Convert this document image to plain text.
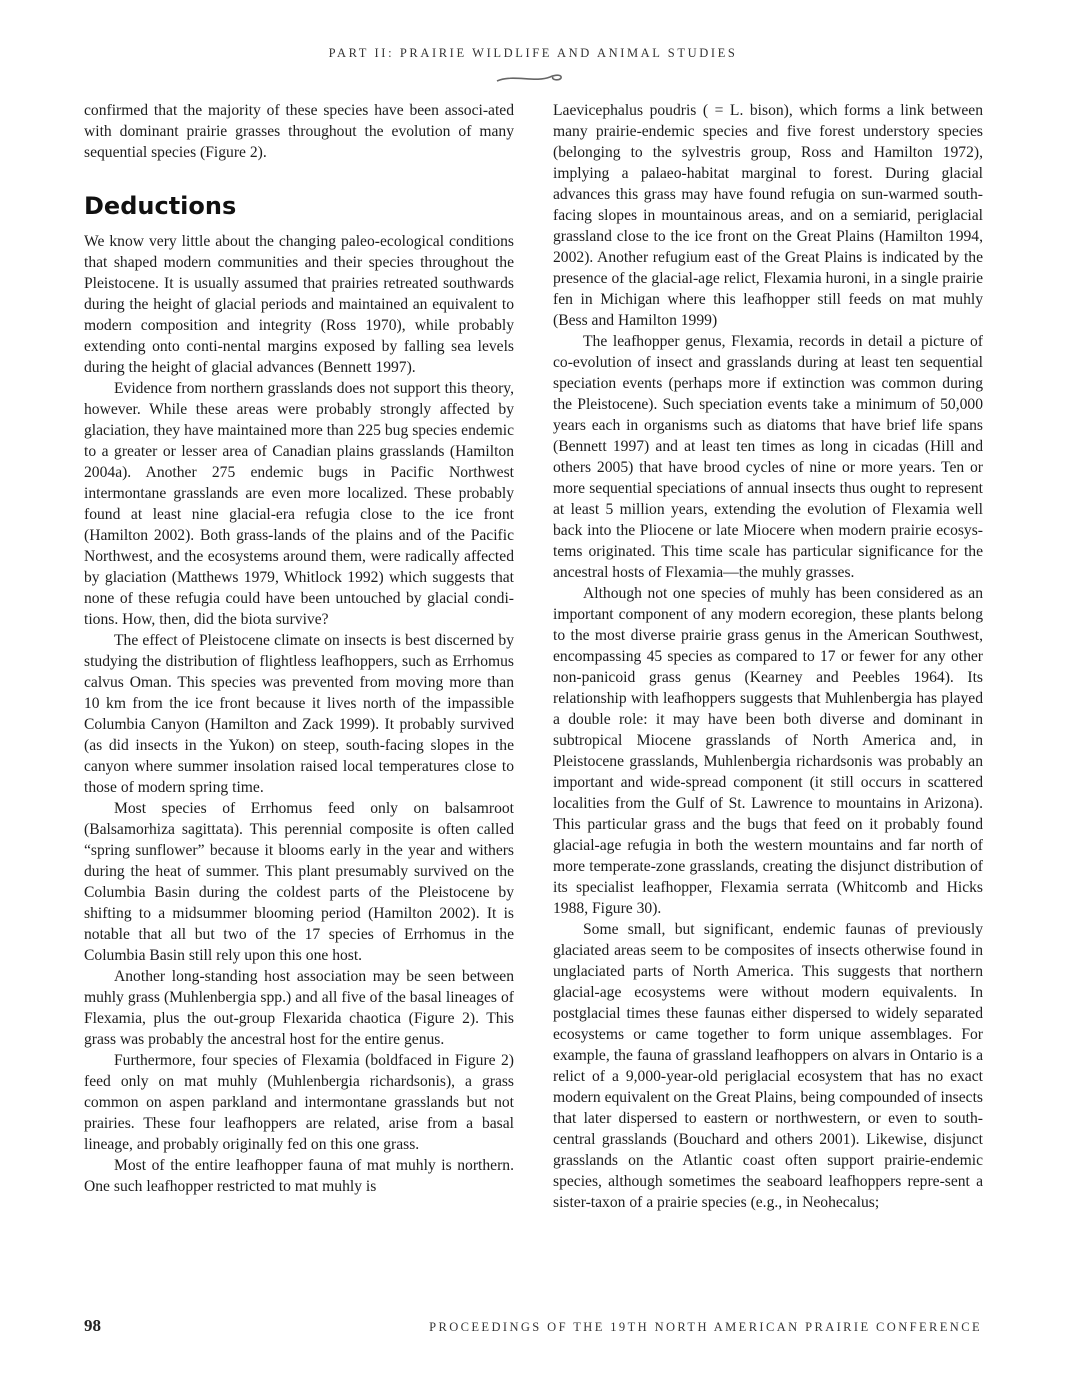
PART II: PRAIRIE WILDLIFE AND ANIMAL STUDIES

confirmed that the majority of these species have been associ-ated with dominant prairie grasses throughout the evolution of many sequential species (Figure 2).

Deductions

We know very little about the changing paleo-ecological conditions that shaped modern communities and their species throughout the Pleistocene. It is usually assumed that prairies retreated southwards during the height of glacial periods and maintained an equivalent to modern composition and integrity (Ross 1970), while probably extending onto conti-nental margins exposed by falling sea levels during the height of glacial advances (Bennett 1997).

Evidence from northern grasslands does not support this theory, however. While these areas were probably strongly affected by glaciation, they have maintained more than 225 bug species endemic to a greater or lesser area of Canadian plains grasslands (Hamilton 2004a). Another 275 endemic bugs in Pacific Northwest intermontane grasslands are even more localized. These probably found at least nine glacial-era refugia close to the ice front (Hamilton 2002). Both grass-lands of the plains and of the Pacific Northwest, and the ecosystems around them, were radically affected by glaciation (Matthews 1979, Whitlock 1992) which suggests that none of these refugia could have been untouched by glacial condi-tions. How, then, did the biota survive?

The effect of Pleistocene climate on insects is best discerned by studying the distribution of flightless leafhoppers, such as Errhomus calvus Oman. This species was prevented from moving more than 10 km from the ice front because it lives north of the impassible Columbia Canyon (Hamilton and Zack 1999). It probably survived (as did insects in the Yukon) on steep, south-facing slopes in the canyon where summer insolation raised local temperatures close to those of modern spring time.

Most species of Errhomus feed only on balsamroot (Balsamorhiza sagittata). This perennial composite is often called “spring sunflower” because it blooms early in the year and withers during the heat of summer. This plant presumably survived on the Columbia Basin during the coldest parts of the Pleistocene by shifting to a midsummer blooming period (Hamilton 2002). It is notable that all but two of the 17 species of Errhomus in the Columbia Basin still rely upon this one host.

Another long-standing host association may be seen between muhly grass (Muhlenbergia spp.) and all five of the basal lineages of Flexamia, plus the out-group Flexarida chaotica (Figure 2). This grass was probably the ancestral host for the entire genus.

Furthermore, four species of Flexamia (boldfaced in Figure 2) feed only on mat muhly (Muhlenbergia richardsonis), a grass common on aspen parkland and intermontane grasslands but not prairies. These four leafhoppers are related, arise from a basal lineage, and probably originally fed on this one grass.

Most of the entire leafhopper fauna of mat muhly is northern. One such leafhopper restricted to mat muhly is

Laevicephalus poudris ( = L. bison), which forms a link between many prairie-endemic species and five forest understory species (belonging to the sylvestris group, Ross and Hamilton 1972), implying a palaeo-habitat marginal to forest. During glacial advances this grass may have found refugia on sun-warmed south-facing slopes in mountainous areas, and on a semiarid, periglacial grassland close to the ice front on the Great Plains (Hamilton 1994, 2002). Another refugium east of the Great Plains is indicated by the presence of the glacial-age relict, Flexamia huroni, in a single prairie fen in Michigan where this leafhopper still feeds on mat muhly (Bess and Hamilton 1999)

The leafhopper genus, Flexamia, records in detail a picture of co-evolution of insect and grasslands during at least ten sequential speciation events (perhaps more if extinction was common during the Pleistocene). Such speciation events take a minimum of 50,000 years each in organisms such as diatoms that have brief life spans (Bennett 1997) and at least ten times as long in cicadas (Hill and others 2005) that have brood cycles of nine or more years. Ten or more sequential speciations of annual insects thus ought to represent at least 5 million years, extending the evolution of Flexamia well back into the Pliocene or late Miocere when modern prairie ecosys-tems originated. This time scale has particular significance for the ancestral hosts of Flexamia—the muhly grasses.

Although not one species of muhly has been considered as an important component of any modern ecoregion, these plants belong to the most diverse prairie grass genus in the American Southwest, encompassing 45 species as compared to 17 or fewer for any other non-panicoid grass genus (Kearney and Peebles 1964). Its relationship with leafhoppers suggests that Muhlenbergia has played a double role: it may have been both diverse and dominant in subtropical Miocene grasslands of North America and, in Pleistocene grasslands, Muhlenbergia richardsonis was probably an important and wide-spread component (it still occurs in scattered localities from the Gulf of St. Lawrence to mountains in Arizona). This particular grass and the bugs that feed on it probably found glacial-age refugia in both the western mountains and far north of more temperate-zone grasslands, creating the disjunct distribution of its specialist leafhopper, Flexamia serrata (Whitcomb and Hicks 1988, Figure 30).

Some small, but significant, endemic faunas of previously glaciated areas seem to be composites of insects otherwise found in unglaciated parts of North America. This suggests that northern glacial-age ecosystems were without modern equivalents. In postglacial times these faunas either dispersed to widely separated ecosystems or came together to form unique assemblages. For example, the fauna of grassland leafhoppers on alvars in Ontario is a relict of a 9,000-year-old periglacial ecosystem that has no exact modern equivalent on the Great Plains, being compounded of insects that later dispersed to eastern or northwestern, or even to south-central grasslands (Bouchard and others 2001). Likewise, disjunct grasslands on the Atlantic coast often support prairie-endemic species, although sometimes the seaboard leafhoppers repre-sent a sister-taxon of a prairie species (e.g., in Neohecalus;

98	PROCEEDINGS OF THE 19TH NORTH AMERICAN PRAIRIE CONFERENCE
